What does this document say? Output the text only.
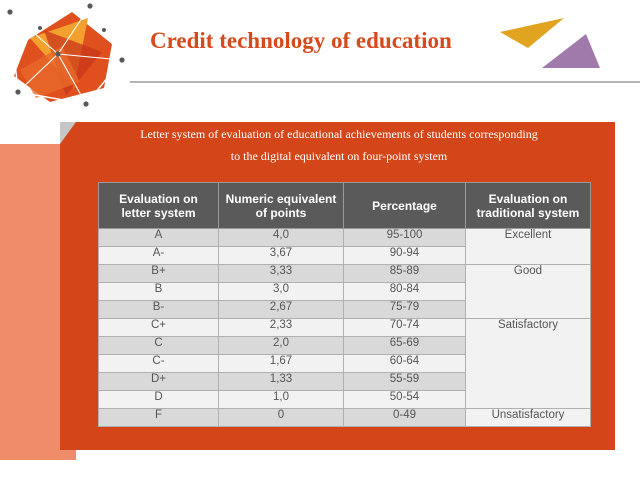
Credit technology of education
Letter system of evaluation of educational achievements of students corresponding
to the digital equivalent on four-point system
Evaluation on letter system	Numeric equivalent of points	Percentage	Evaluation on traditional system
A	4,0	95-100	Excellent
A-	3,67	90-94	
B+	3,33	85-89	Good
B	3,0	80-84	
B-	2,67	75-79	
C+	2,33	70-74	Satisfactory
C	2,0	65-69	
C-	1,67	60-64	
D+	1,33	55-59	
D	1,0	50-54	
F	0	0-49	Unsatisfactory
